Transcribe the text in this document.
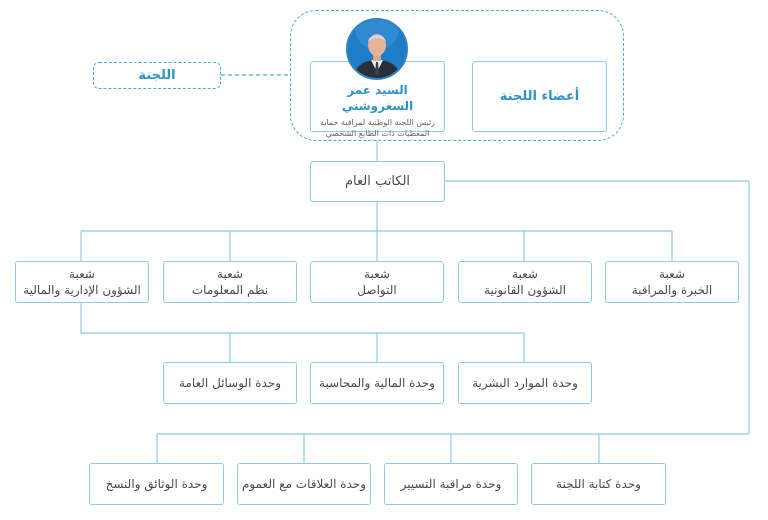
اللجنة
السيد عمر السغروشني
رئيس اللجنة الوطنية لمراقبة حماية المعطيات ذات الطابع الشخصي
أعضاء اللجنة
الكاتب العام
شعبة
الشؤون الإدارية والمالية
شعبة
نظم المعلومات
شعبة
التواصل
شعبة
الشؤون القانونية
شعبة
الخبرة والمراقبة
وحدة الوسائل العامة	وحدة المالية والمحاسبة	وحدة الموارد البشرية
وحدة الوثائق والنسخ	وحدة العلاقات مع العموم	وحدة مراقبة التسيير	وحدة كتابة اللجنة
